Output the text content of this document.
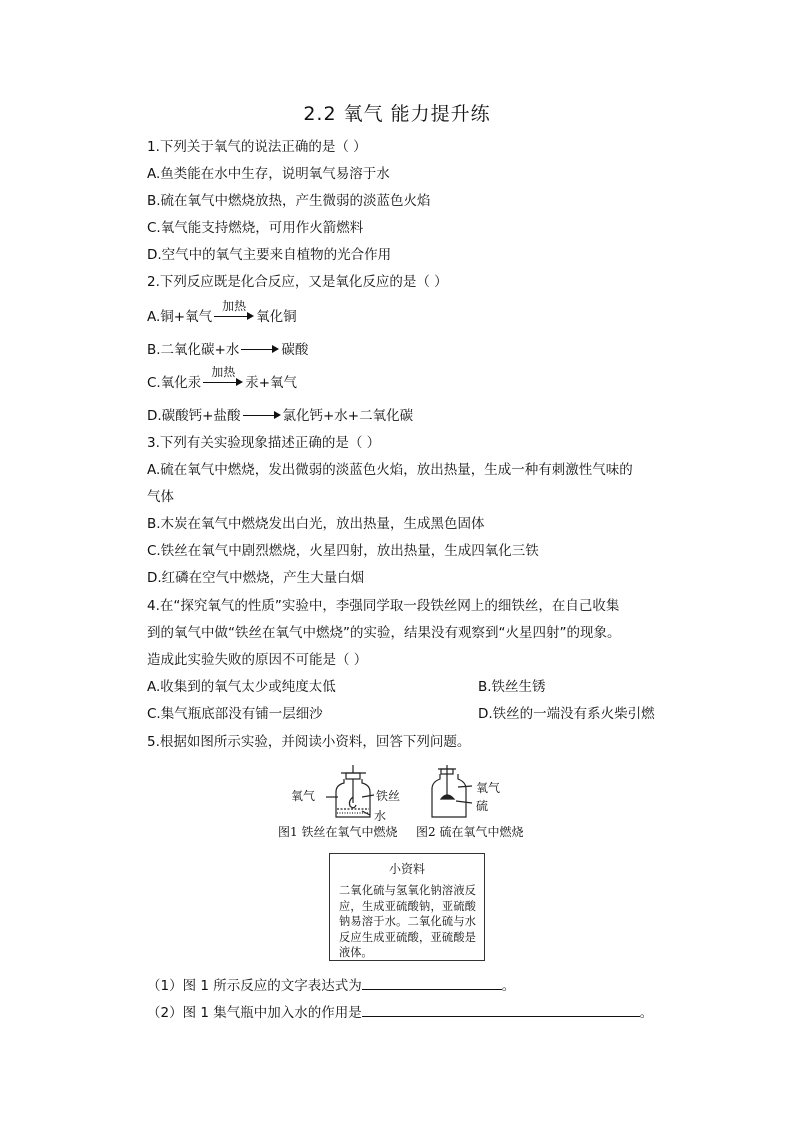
2.2 氧气 能力提升练
1.下列关于氧气的说法正确的是（ ）
A.鱼类能在水中生存，说明氧气易溶于水
B.硫在氧气中燃烧放热，产生微弱的淡蓝色火焰
C.氧气能支持燃烧，可用作火箭燃料
D.空气中的氧气主要来自植物的光合作用
2.下列反应既是化合反应，又是氧化反应的是（ ）
A.铜+氧气
加热
氧化铜
B.二氧化碳+水	碳酸
C.氧化汞
加热
汞+氧气
D.碳酸钙+盐酸	氯化钙+水+二氧化碳
3.下列有关实验现象描述正确的是（ ）
A.硫在氧气中燃烧，发出微弱的淡蓝色火焰，放出热量，生成一种有刺激性气味的
气体
B.木炭在氧气中燃烧发出白光，放出热量，生成黑色固体
C.铁丝在氧气中剧烈燃烧，火星四射，放出热量，生成四氧化三铁
D.红磷在空气中燃烧，产生大量白烟
4.在“探究氧气的性质”实验中，李强同学取一段铁丝网上的细铁丝，在自己收集
到的氧气中做“铁丝在氧气中燃烧”的实验，结果没有观察到“火星四射”的现象。
造成此实验失败的原因不可能是（ ）
A.收集到的氧气太少或纯度太低	B.铁丝生锈
C.集气瓶底部没有铺一层细沙	D.铁丝的一端没有系火柴引燃
5.根据如图所示实验，并阅读小资料，回答下列问题。
氧气	铁丝
水
氧气
硫
图1 铁丝在氧气中燃烧 图2 硫在氧气中燃烧
小资料
二氧化硫与氢氧化钠溶液反应，生成亚硫酸钠，亚硫酸钠易溶于水。二氧化硫与水反应生成亚硫酸，亚硫酸是液体。
（1）图 1 所示反应的文字表达式为	。
（2）图 1 集气瓶中加入水的作用是	。
